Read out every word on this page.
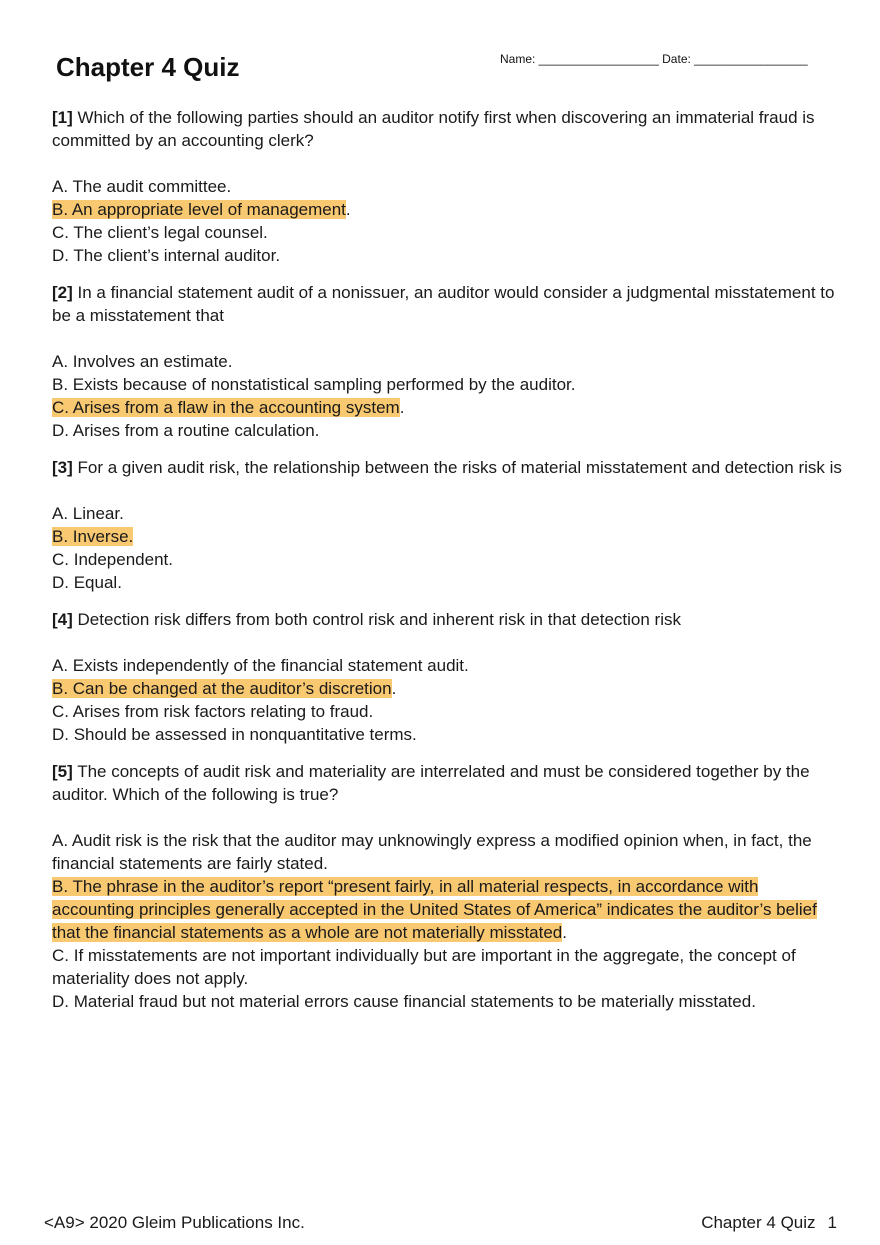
Chapter 4 Quiz	Name: __________________ Date: _________________

[1] Which of the following parties should an auditor notify first when discovering an immaterial fraud is committed by an accounting clerk?

A. The audit committee.

B. An appropriate level of management.

C. The client’s legal counsel.

D. The client’s internal auditor.

[2] In a financial statement audit of a nonissuer, an auditor would consider a judgmental misstatement to be a misstatement that

A. Involves an estimate.

B. Exists because of nonstatistical sampling performed by the auditor.

C. Arises from a flaw in the accounting system.

D. Arises from a routine calculation.

[3] For a given audit risk, the relationship between the risks of material misstatement and detection risk is

A. Linear.

B. Inverse.

C. Independent.

D. Equal.

[4] Detection risk differs from both control risk and inherent risk in that detection risk

A. Exists independently of the financial statement audit.

B. Can be changed at the auditor’s discretion.

C. Arises from risk factors relating to fraud.

D. Should be assessed in nonquantitative terms.

[5] The concepts of audit risk and materiality are interrelated and must be considered together by the auditor. Which of the following is true?

A. Audit risk is the risk that the auditor may unknowingly express a modified opinion when, in fact, the financial statements are fairly stated.

B. The phrase in the auditor’s report “present fairly, in all material respects, in accordance with accounting principles generally accepted in the United States of America” indicates the auditor’s belief that the financial statements as a whole are not materially misstated.

C. If misstatements are not important individually but are important in the aggregate, the concept of materiality does not apply.

D. Material fraud but not material errors cause financial statements to be materially misstated.

<A9> 2020 Gleim Publications Inc.	Chapter 4 Quiz 1
